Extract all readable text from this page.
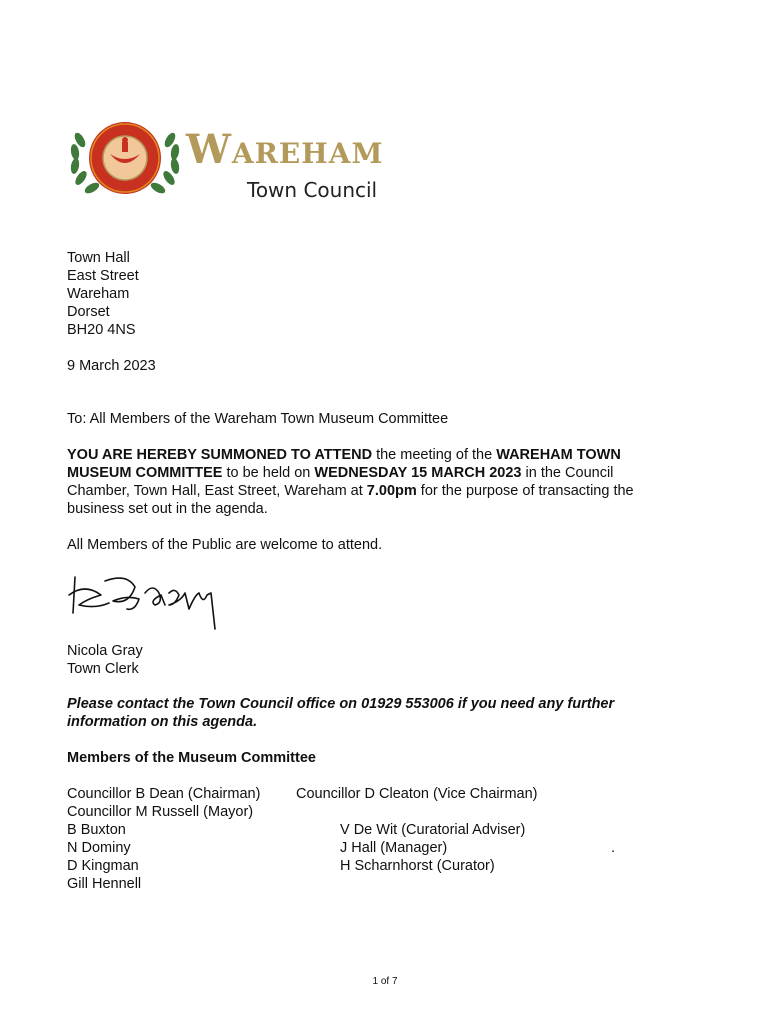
Wareham
Town Council
Town Hall
East Street
Wareham
Dorset
BH20 4NS
9 March 2023
To: All Members of the Wareham Town Museum Committee
YOU ARE HEREBY SUMMONED TO ATTEND the meeting of the WAREHAM TOWN MUSEUM COMMITTEE to be held on WEDNESDAY 15 MARCH 2023 in the Council Chamber, Town Hall, East Street, Wareham at 7.00pm for the purpose of transacting the business set out in the agenda.
All Members of the Public are welcome to attend.
Nicola Gray
Town Clerk
Please contact the Town Council office on 01929 553006 if you need any further information on this agenda.
Members of the Museum Committee
Councillor B Dean (Chairman)
Councillor M Russell (Mayor)
B Buxton
N Dominy
D Kingman
Gill Hennell
Councillor D Cleaton (Vice Chairman)
V De Wit (Curatorial Adviser)
J Hall (Manager)
H Scharnhorst (Curator)
.
1 of 7
